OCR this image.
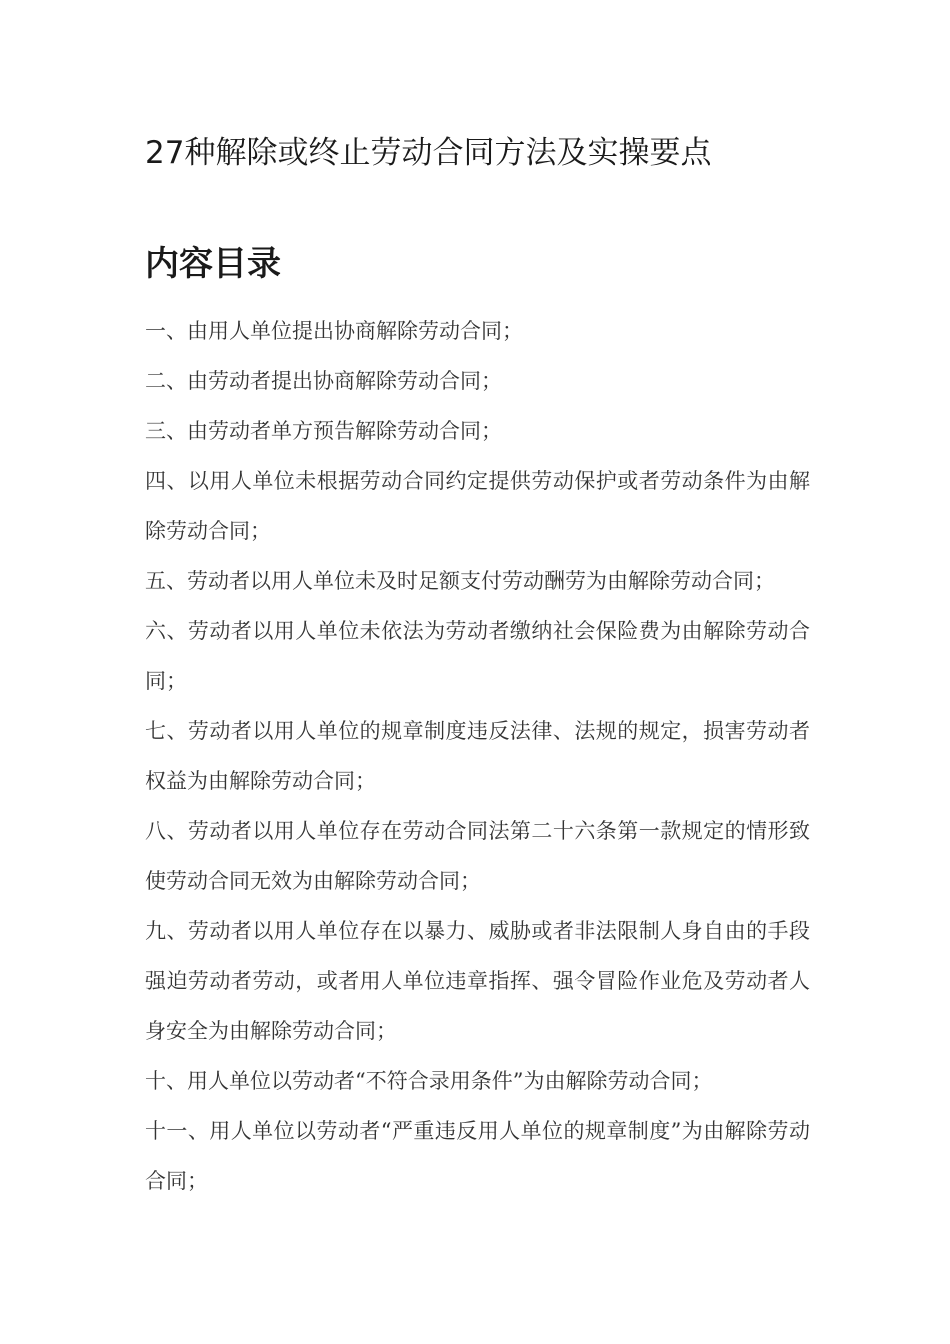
27种解除或终止劳动合同方法及实操要点
内容目录
一、由用人单位提出协商解除劳动合同；
二、由劳动者提出协商解除劳动合同；
三、由劳动者单方预告解除劳动合同；
四、以用人单位未根据劳动合同约定提供劳动保护或者劳动条件为由解除劳动合同；
五、劳动者以用人单位未及时足额支付劳动酬劳为由解除劳动合同；
六、劳动者以用人单位未依法为劳动者缴纳社会保险费为由解除劳动合同；
七、劳动者以用人单位的规章制度违反法律、法规的规定，损害劳动者权益为由解除劳动合同；
八、劳动者以用人单位存在劳动合同法第二十六条第一款规定的情形致使劳动合同无效为由解除劳动合同；
九、劳动者以用人单位存在以暴力、威胁或者非法限制人身自由的手段强迫劳动者劳动，或者用人单位违章指挥、强令冒险作业危及劳动者人身安全为由解除劳动合同；
十、用人单位以劳动者“不符合录用条件”为由解除劳动合同；
十一、用人单位以劳动者“严重违反用人单位的规章制度”为由解除劳动合同；
